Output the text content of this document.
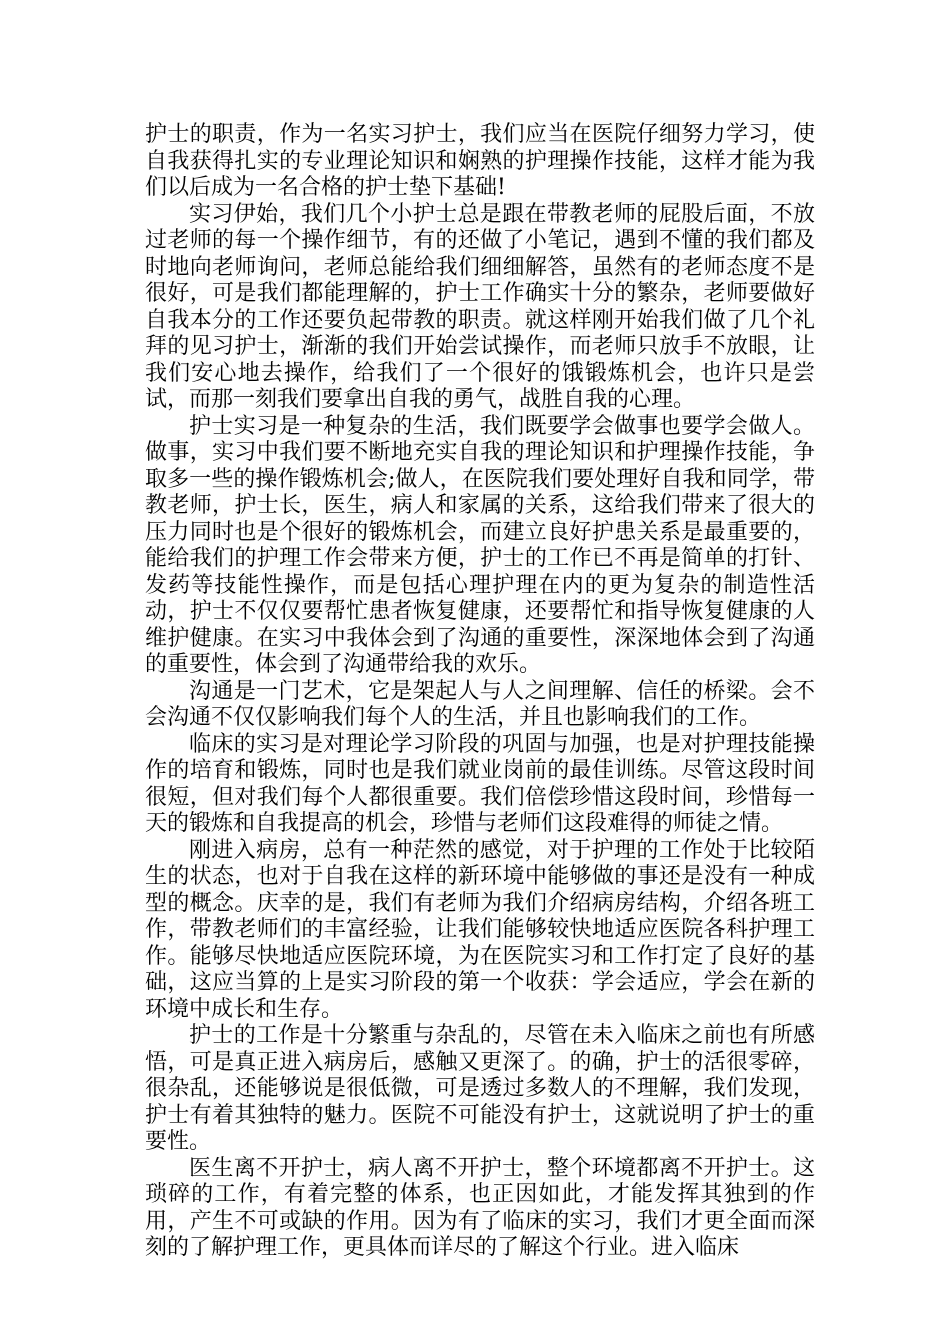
护士的职责，作为一名实习护士，我们应当在医院仔细努力学习，使自我获得扎实的专业理论知识和娴熟的护理操作技能，这样才能为我们以后成为一名合格的护士垫下基础!

实习伊始，我们几个小护士总是跟在带教老师的屁股后面，不放过老师的每一个操作细节，有的还做了小笔记，遇到不懂的我们都及时地向老师询问，老师总能给我们细细解答，虽然有的老师态度不是很好，可是我们都能理解的，护士工作确实十分的繁杂，老师要做好自我本分的工作还要负起带教的职责。就这样刚开始我们做了几个礼拜的见习护士，渐渐的我们开始尝试操作，而老师只放手不放眼，让我们安心地去操作，给我们了一个很好的饿锻炼机会，也许只是尝试，而那一刻我们要拿出自我的勇气，战胜自我的心理。

护士实习是一种复杂的生活，我们既要学会做事也要学会做人。做事，实习中我们要不断地充实自我的理论知识和护理操作技能，争取多一些的操作锻炼机会;做人，在医院我们要处理好自我和同学，带教老师，护士长，医生，病人和家属的关系，这给我们带来了很大的压力同时也是个很好的锻炼机会，而建立良好护患关系是最重要的，能给我们的护理工作会带来方便，护士的工作已不再是简单的打针、发药等技能性操作，而是包括心理护理在内的更为复杂的制造性活动，护士不仅仅要帮忙患者恢复健康，还要帮忙和指导恢复健康的人维护健康。在实习中我体会到了沟通的重要性，深深地体会到了沟通的重要性，体会到了沟通带给我的欢乐。

沟通是一门艺术，它是架起人与人之间理解、信任的桥梁。会不会沟通不仅仅影响我们每个人的生活，并且也影响我们的工作。

临床的实习是对理论学习阶段的巩固与加强，也是对护理技能操作的培育和锻炼，同时也是我们就业岗前的最佳训练。尽管这段时间很短，但对我们每个人都很重要。我们倍偿珍惜这段时间，珍惜每一天的锻炼和自我提高的机会，珍惜与老师们这段难得的师徒之情。

刚进入病房，总有一种茫然的感觉，对于护理的工作处于比较陌生的状态，也对于自我在这样的新环境中能够做的事还是没有一种成型的概念。庆幸的是，我们有老师为我们介绍病房结构，介绍各班工作，带教老师们的丰富经验，让我们能够较快地适应医院各科护理工作。能够尽快地适应医院环境，为在医院实习和工作打定了良好的基础，这应当算的上是实习阶段的第一个收获：学会适应，学会在新的环境中成长和生存。

护士的工作是十分繁重与杂乱的，尽管在未入临床之前也有所感悟，可是真正进入病房后，感触又更深了。的确，护士的活很零碎，很杂乱，还能够说是很低微，可是透过多数人的不理解，我们发现，护士有着其独特的魅力。医院不可能没有护士，这就说明了护士的重要性。

医生离不开护士，病人离不开护士，整个环境都离不开护士。这琐碎的工作，有着完整的体系，也正因如此，才能发挥其独到的作用，产生不可或缺的作用。因为有了临床的实习，我们才更全面而深刻的了解护理工作，更具体而详尽的了解这个行业。进入临床
